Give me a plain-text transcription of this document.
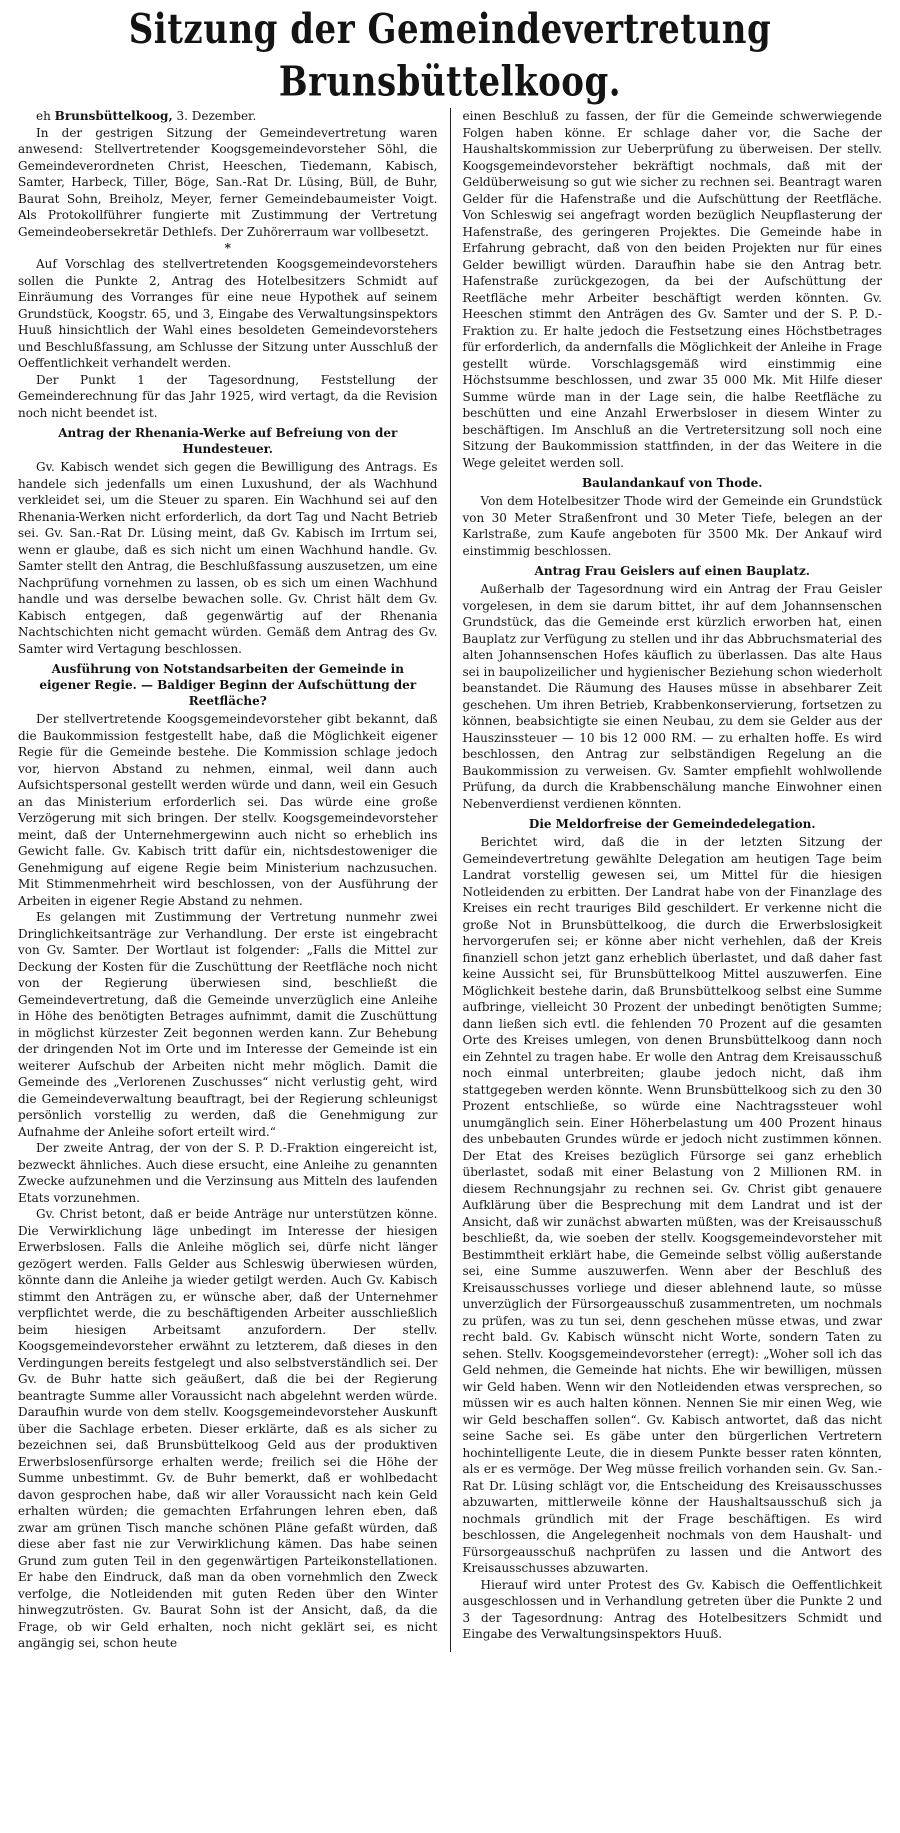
Sitzung der Gemeindevertretung Brunsbüttelkoog.

eh Brunsbüttelkoog, 3. Dezember.

In der gestrigen Sitzung der Gemeindevertretung waren anwesend: Stellvertretender Koogsgemeindevorsteher Söhl, die Gemeindeverordneten Christ, Heeschen, Tiedemann, Kabisch, Samter, Harbeck, Tiller, Böge, San.-Rat Dr. Lüsing, Büll, de Buhr, Baurat Sohn, Breiholz, Meyer, ferner Gemeindebaumeister Voigt. Als Protokollführer fungierte mit Zustimmung der Vertretung Gemeindeobersekretär Dethlefs. Der Zuhörerraum war vollbesetzt.

*

Auf Vorschlag des stellvertretenden Koogsgemeindevorstehers sollen die Punkte 2, Antrag des Hotelbesitzers Schmidt auf Einräumung des Vorranges für eine neue Hypothek auf seinem Grundstück, Koogstr. 65, und 3, Eingabe des Verwaltungsinspektors Huuß hinsichtlich der Wahl eines besoldeten Gemeindevorstehers und Beschlußfassung, am Schlusse der Sitzung unter Ausschluß der Oeffentlichkeit verhandelt werden.

Der Punkt 1 der Tagesordnung, Feststellung der Gemeinderechnung für das Jahr 1925, wird vertagt, da die Revision noch nicht beendet ist.

Antrag der Rhenania-Werke auf Befreiung von der Hundesteuer.

Gv. Kabisch wendet sich gegen die Bewilligung des Antrags. Es handele sich jedenfalls um einen Luxushund, der als Wachhund verkleidet sei, um die Steuer zu sparen. Ein Wachhund sei auf den Rhenania-Werken nicht erforderlich, da dort Tag und Nacht Betrieb sei. Gv. San.-Rat Dr. Lüsing meint, daß Gv. Kabisch im Irrtum sei, wenn er glaube, daß es sich nicht um einen Wachhund handle. Gv. Samter stellt den Antrag, die Beschlußfassung auszusetzen, um eine Nachprüfung vornehmen zu lassen, ob es sich um einen Wachhund handle und was derselbe bewachen solle. Gv. Christ hält dem Gv. Kabisch entgegen, daß gegenwärtig auf der Rhenania Nachtschichten nicht gemacht würden. Gemäß dem Antrag des Gv. Samter wird Vertagung beschlossen.

Ausführung von Notstandsarbeiten der Gemeinde in eigener Regie. — Baldiger Beginn der Aufschüttung der Reetfläche?

Der stellvertretende Koogsgemeindevorsteher gibt bekannt, daß die Baukommission festgestellt habe, daß die Möglichkeit eigener Regie für die Gemeinde bestehe. Die Kommission schlage jedoch vor, hiervon Abstand zu nehmen, einmal, weil dann auch Aufsichtspersonal gestellt werden würde und dann, weil ein Gesuch an das Ministerium erforderlich sei. Das würde eine große Verzögerung mit sich bringen. Der stellv. Koogsgemeindevorsteher meint, daß der Unternehmergewinn auch nicht so erheblich ins Gewicht falle. Gv. Kabisch tritt dafür ein, nichtsdestoweniger die Genehmigung auf eigene Regie beim Ministerium nachzusuchen. Mit Stimmenmehrheit wird beschlossen, von der Ausführung der Arbeiten in eigener Regie Abstand zu nehmen.

Es gelangen mit Zustimmung der Vertretung nunmehr zwei Dringlichkeitsanträge zur Verhandlung. Der erste ist eingebracht von Gv. Samter. Der Wortlaut ist folgender: „Falls die Mittel zur Deckung der Kosten für die Zuschüttung der Reetfläche noch nicht von der Regierung überwiesen sind, beschließt die Gemeindevertretung, daß die Gemeinde unverzüglich eine Anleihe in Höhe des benötigten Betrages aufnimmt, damit die Zuschüttung in möglichst kürzester Zeit begonnen werden kann. Zur Behebung der dringenden Not im Orte und im Interesse der Gemeinde ist ein weiterer Aufschub der Arbeiten nicht mehr möglich. Damit die Gemeinde des „Verlorenen Zuschusses“ nicht verlustig geht, wird die Gemeindeverwaltung beauftragt, bei der Regierung schleunigst persönlich vorstellig zu werden, daß die Genehmigung zur Aufnahme der Anleihe sofort erteilt wird.“

Der zweite Antrag, der von der S. P. D.-Fraktion eingereicht ist, bezweckt ähnliches. Auch diese ersucht, eine Anleihe zu genannten Zwecke aufzunehmen und die Verzinsung aus Mitteln des laufenden Etats vorzunehmen.

Gv. Christ betont, daß er beide Anträge nur unterstützen könne. Die Verwirklichung läge unbedingt im Interesse der hiesigen Erwerbslosen. Falls die Anleihe möglich sei, dürfe nicht länger gezögert werden. Falls Gelder aus Schleswig überwiesen würden, könnte dann die Anleihe ja wieder getilgt werden. Auch Gv. Kabisch stimmt den Anträgen zu, er wünsche aber, daß der Unternehmer verpflichtet werde, die zu beschäftigenden Arbeiter ausschließlich beim hiesigen Arbeitsamt anzufordern. Der stellv. Koogsgemeindevorsteher erwähnt zu letzterem, daß dieses in den Verdingungen bereits festgelegt und also selbstverständlich sei. Der Gv. de Buhr hatte sich geäußert, daß die bei der Regierung beantragte Summe aller Voraussicht nach abgelehnt werden würde. Daraufhin wurde von dem stellv. Koogsgemeindevorsteher Auskunft über die Sachlage erbeten. Dieser erklärte, daß es als sicher zu bezeichnen sei, daß Brunsbüttelkoog Geld aus der produktiven Erwerbslosenfürsorge erhalten werde; freilich sei die Höhe der Summe unbestimmt. Gv. de Buhr bemerkt, daß er wohlbedacht davon gesprochen habe, daß wir aller Voraussicht nach kein Geld erhalten würden; die gemachten Erfahrungen lehren eben, daß zwar am grünen Tisch manche schönen Pläne gefaßt würden, daß diese aber fast nie zur Verwirklichung kämen. Das habe seinen Grund zum guten Teil in den gegenwärtigen Parteikonstellationen. Er habe den Eindruck, daß man da oben vornehmlich den Zweck verfolge, die Notleidenden mit guten Reden über den Winter hinwegzutrösten. Gv. Baurat Sohn ist der Ansicht, daß, da die Frage, ob wir Geld erhalten, noch nicht geklärt sei, es nicht angängig sei, schon heute

einen Beschluß zu fassen, der für die Gemeinde schwerwiegende Folgen haben könne. Er schlage daher vor, die Sache der Haushaltskommission zur Ueberprüfung zu überweisen. Der stellv. Koogsgemeindevorsteher bekräftigt nochmals, daß mit der Geldüberweisung so gut wie sicher zu rechnen sei. Beantragt waren Gelder für die Hafenstraße und die Aufschüttung der Reetfläche. Von Schleswig sei angefragt worden bezüglich Neupflasterung der Hafenstraße, des geringeren Projektes. Die Gemeinde habe in Erfahrung gebracht, daß von den beiden Projekten nur für eines Gelder bewilligt würden. Daraufhin habe sie den Antrag betr. Hafenstraße zurückgezogen, da bei der Aufschüttung der Reetfläche mehr Arbeiter beschäftigt werden könnten. Gv. Heeschen stimmt den Anträgen des Gv. Samter und der S. P. D.-Fraktion zu. Er halte jedoch die Festsetzung eines Höchstbetrages für erforderlich, da andernfalls die Möglichkeit der Anleihe in Frage gestellt würde. Vorschlagsgemäß wird einstimmig eine Höchstsumme beschlossen, und zwar 35 000 Mk. Mit Hilfe dieser Summe würde man in der Lage sein, die halbe Reetfläche zu beschütten und eine Anzahl Erwerbsloser in diesem Winter zu beschäftigen. Im Anschluß an die Vertretersitzung soll noch eine Sitzung der Baukommission stattfinden, in der das Weitere in die Wege geleitet werden soll.

Baulandankauf von Thode.

Von dem Hotelbesitzer Thode wird der Gemeinde ein Grundstück von 30 Meter Straßenfront und 30 Meter Tiefe, belegen an der Karlstraße, zum Kaufe angeboten für 3500 Mk. Der Ankauf wird einstimmig beschlossen.

Antrag Frau Geislers auf einen Bauplatz.

Außerhalb der Tagesordnung wird ein Antrag der Frau Geisler vorgelesen, in dem sie darum bittet, ihr auf dem Johannsenschen Grundstück, das die Gemeinde erst kürzlich erworben hat, einen Bauplatz zur Verfügung zu stellen und ihr das Abbruchsmaterial des alten Johannsenschen Hofes käuflich zu überlassen. Das alte Haus sei in baupolizeilicher und hygienischer Beziehung schon wiederholt beanstandet. Die Räumung des Hauses müsse in absehbarer Zeit geschehen. Um ihren Betrieb, Krabbenkonservierung, fortsetzen zu können, beabsichtigte sie einen Neubau, zu dem sie Gelder aus der Hauszinssteuer — 10 bis 12 000 RM. — zu erhalten hoffe. Es wird beschlossen, den Antrag zur selbständigen Regelung an die Baukommission zu verweisen. Gv. Samter empfiehlt wohlwollende Prüfung, da durch die Krabbenschälung manche Einwohner einen Nebenverdienst verdienen könnten.

Die Meldorfreise der Gemeindedelegation.

Berichtet wird, daß die in der letzten Sitzung der Gemeindevertretung gewählte Delegation am heutigen Tage beim Landrat vorstellig gewesen sei, um Mittel für die hiesigen Notleidenden zu erbitten. Der Landrat habe von der Finanzlage des Kreises ein recht trauriges Bild geschildert. Er verkenne nicht die große Not in Brunsbüttelkoog, die durch die Erwerbslosigkeit hervorgerufen sei; er könne aber nicht verhehlen, daß der Kreis finanziell schon jetzt ganz erheblich überlastet, und daß daher fast keine Aussicht sei, für Brunsbüttelkoog Mittel auszuwerfen. Eine Möglichkeit bestehe darin, daß Brunsbüttelkoog selbst eine Summe aufbringe, vielleicht 30 Prozent der unbedingt benötigten Summe; dann ließen sich evtl. die fehlenden 70 Prozent auf die gesamten Orte des Kreises umlegen, von denen Brunsbüttelkoog dann noch ein Zehntel zu tragen habe. Er wolle den Antrag dem Kreisausschuß noch einmal unterbreiten; glaube jedoch nicht, daß ihm stattgegeben werden könnte. Wenn Brunsbüttelkoog sich zu den 30 Prozent entschließe, so würde eine Nachtragssteuer wohl unumgänglich sein. Einer Höherbelastung um 400 Prozent hinaus des unbebauten Grundes würde er jedoch nicht zustimmen können. Der Etat des Kreises bezüglich Fürsorge sei ganz erheblich überlastet, sodaß mit einer Belastung von 2 Millionen RM. in diesem Rechnungsjahr zu rechnen sei. Gv. Christ gibt genauere Aufklärung über die Besprechung mit dem Landrat und ist der Ansicht, daß wir zunächst abwarten müßten, was der Kreisausschuß beschließt, da, wie soeben der stellv. Koogsgemeindevorsteher mit Bestimmtheit erklärt habe, die Gemeinde selbst völlig außerstande sei, eine Summe auszuwerfen. Wenn aber der Beschluß des Kreisausschusses vorliege und dieser ablehnend laute, so müsse unverzüglich der Fürsorgeausschuß zusammentreten, um nochmals zu prüfen, was zu tun sei, denn geschehen müsse etwas, und zwar recht bald. Gv. Kabisch wünscht nicht Worte, sondern Taten zu sehen. Stellv. Koogsgemeindevorsteher (erregt): „Woher soll ich das Geld nehmen, die Gemeinde hat nichts. Ehe wir bewilligen, müssen wir Geld haben. Wenn wir den Notleidenden etwas versprechen, so müssen wir es auch halten können. Nennen Sie mir einen Weg, wie wir Geld beschaffen sollen“. Gv. Kabisch antwortet, daß das nicht seine Sache sei. Es gäbe unter den bürgerlichen Vertretern hochintelligente Leute, die in diesem Punkte besser raten könnten, als er es vermöge. Der Weg müsse freilich vorhanden sein. Gv. San.-Rat Dr. Lüsing schlägt vor, die Entscheidung des Kreisausschusses abzuwarten, mittlerweile könne der Haushaltsausschuß sich ja nochmals gründlich mit der Frage beschäftigen. Es wird beschlossen, die Angelegenheit nochmals von dem Haushalt- und Fürsorgeausschuß nachprüfen zu lassen und die Antwort des Kreisausschusses abzuwarten.

Hierauf wird unter Protest des Gv. Kabisch die Oeffentlichkeit ausgeschlossen und in Verhandlung getreten über die Punkte 2 und 3 der Tagesordnung: Antrag des Hotelbesitzers Schmidt und Eingabe des Verwaltungsinspektors Huuß.
